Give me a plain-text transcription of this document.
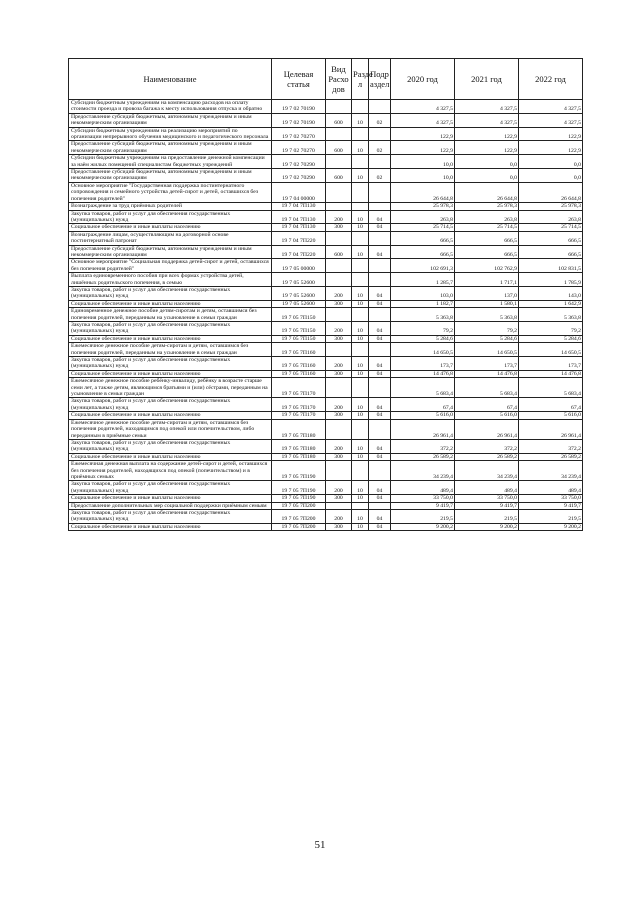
Наименование	Целевая статья	Вид Расхо дов	Разде л	Подр аздел	2020 год	2021 год	2022 год
Субсидии бюджетным учреждениям на компенсацию расходов на оплату стоимости проезда и провоза багажа к месту использования отпуска и обратно	19 7 02 70190				4 327,5	4 327,5	4 327,5
Предоставление субсидий бюджетным, автономным учреждениям и иным некоммерческим организациям	19 7 02 70190	600	10	02	4 327,5	4 327,5	4 327,5
Субсидии бюджетным учреждениям на реализацию мероприятий по организации непрерывного обучения медицинского и педагогического персонала	19 7 02 70270				122,9	122,9	122,9
Предоставление субсидий бюджетным, автономным учреждениям и иным некоммерческим организациям	19 7 02 70270	600	10	02	122,9	122,9	122,9
Субсидии бюджетным учреждениям на предоставление денежной компенсации за наём жилых помещений специалистам бюджетных учреждений	19 7 02 70290				10,0	0,0	0,0
Предоставление субсидий бюджетным, автономным учреждениям и иным некоммерческим организациям	19 7 02 70290	600	10	02	10,0	0,0	0,0
Основное мероприятие "Государственная поддержка постинтернатного сопровождения и семейного устройства детей-сирот и детей, оставшихся без попечения родителей"	19 7 04 00000				26 644,8	26 644,8	26 644,8
Вознаграждение за труд приёмных родителей	19 7 04 7П130				25 978,3	25 978,3	25 978,3
Закупка товаров, работ и услуг для обеспечения государственных (муниципальных) нужд	19 7 04 7П130	200	10	04	263,8	263,8	263,8
Социальное обеспечение и иные выплаты населению	19 7 04 7П130	300	10	04	25 714,5	25 714,5	25 714,5
Вознаграждение лицам, осуществляющим на договорной основе постинтернатный патронат	19 7 04 7П220				666,5	666,5	666,5
Предоставление субсидий бюджетным, автономным учреждениям и иным некоммерческим организациям	19 7 04 7П220	600	10	04	666,5	666,5	666,5
Основное мероприятие "Социальная поддержка детей-сирот и детей, оставшихся без попечения родителей"	19 7 05 00000				102 691,3	102 762,9	102 831,5
Выплата единовременного пособия при всех формах устройства детей, лишённых родительского попечения, в семью	19 7 05 52600				1 285,7	1 717,1	1 785,9
Закупка товаров, работ и услуг для обеспечения государственных (муниципальных) нужд	19 7 05 52600	200	10	04	103,0	137,0	143,0
Социальное обеспечение и иные выплаты населению	19 7 05 52600	300	10	04	1 182,7	1 580,1	1 642,9
Единовременное денежное пособие детям-сиротам и детям, оставшимся без попечения родителей, переданным на усыновление в семьи граждан	19 7 05 7П150				5 363,8	5 363,8	5 363,8
Закупка товаров, работ и услуг для обеспечения государственных (муниципальных) нужд	19 7 05 7П150	200	10	04	79,2	79,2	79,2
Социальное обеспечение и иные выплаты населению	19 7 05 7П150	300	10	04	5 284,6	5 284,6	5 284,6
Ежемесячное денежное пособие детям-сиротам и детям, оставшимся без попечения родителей, переданным на усыновление в семьи граждан	19 7 05 7П160				14 650,5	14 650,5	14 650,5
Закупка товаров, работ и услуг для обеспечения государственных (муниципальных) нужд	19 7 05 7П160	200	10	04	173,7	173,7	173,7
Социальное обеспечение и иные выплаты населению	19 7 05 7П160	300	10	04	14 476,8	14 476,8	14 476,8
Ежемесячное денежное пособие ребёнку-инвалиду, ребёнку в возрасте старше семи лет, а также детям, являющимся братьями и (или) сёстрами, переданным на усыновление в семьи граждан	19 7 05 7П170				5 683,4	5 683,4	5 683,4
Закупка товаров, работ и услуг для обеспечения государственных (муниципальных) нужд	19 7 05 7П170	200	10	04	67,4	67,4	67,4
Социальное обеспечение и иные выплаты населению	19 7 05 7П170	300	10	04	5 616,0	5 616,0	5 616,0
Ежемесячное денежное пособие детям-сиротам и детям, оставшимся без попечения родителей, находящимся под опекой или попечительством, либо переданным в приёмные семьи	19 7 05 7П180				26 961,4	26 961,4	26 961,4
Закупка товаров, работ и услуг для обеспечения государственных (муниципальных) нужд	19 7 05 7П180	200	10	04	372,2	372,2	372,2
Социальное обеспечение и иные выплаты населению	19 7 05 7П180	300	10	04	26 589,2	26 589,2	26 589,2
Ежемесячная денежная выплата на содержание детей-сирот и детей, оставшихся без попечения родителей, находящихся под опекой (попечительством) и в приёмных семьях	19 7 05 7П190				34 239,4	34 239,4	34 239,4
Закупка товаров, работ и услуг для обеспечения государственных (муниципальных) нужд	19 7 05 7П190	200	10	04	489,4	489,4	489,4
Социальное обеспечение и иные выплаты населению	19 7 05 7П190	300	10	04	33 750,0	33 750,0	33 750,0
Предоставление дополнительных мер социальной поддержки приёмным семьям	19 7 05 7П200				9 419,7	9 419,7	9 419,7
Закупка товаров, работ и услуг для обеспечения государственных (муниципальных) нужд	19 7 05 7П200	200	10	04	219,5	219,5	219,5
Социальное обеспечение и иные выплаты населению	19 7 05 7П200	300	10	04	9 200,2	9 200,2	9 200,2
51
